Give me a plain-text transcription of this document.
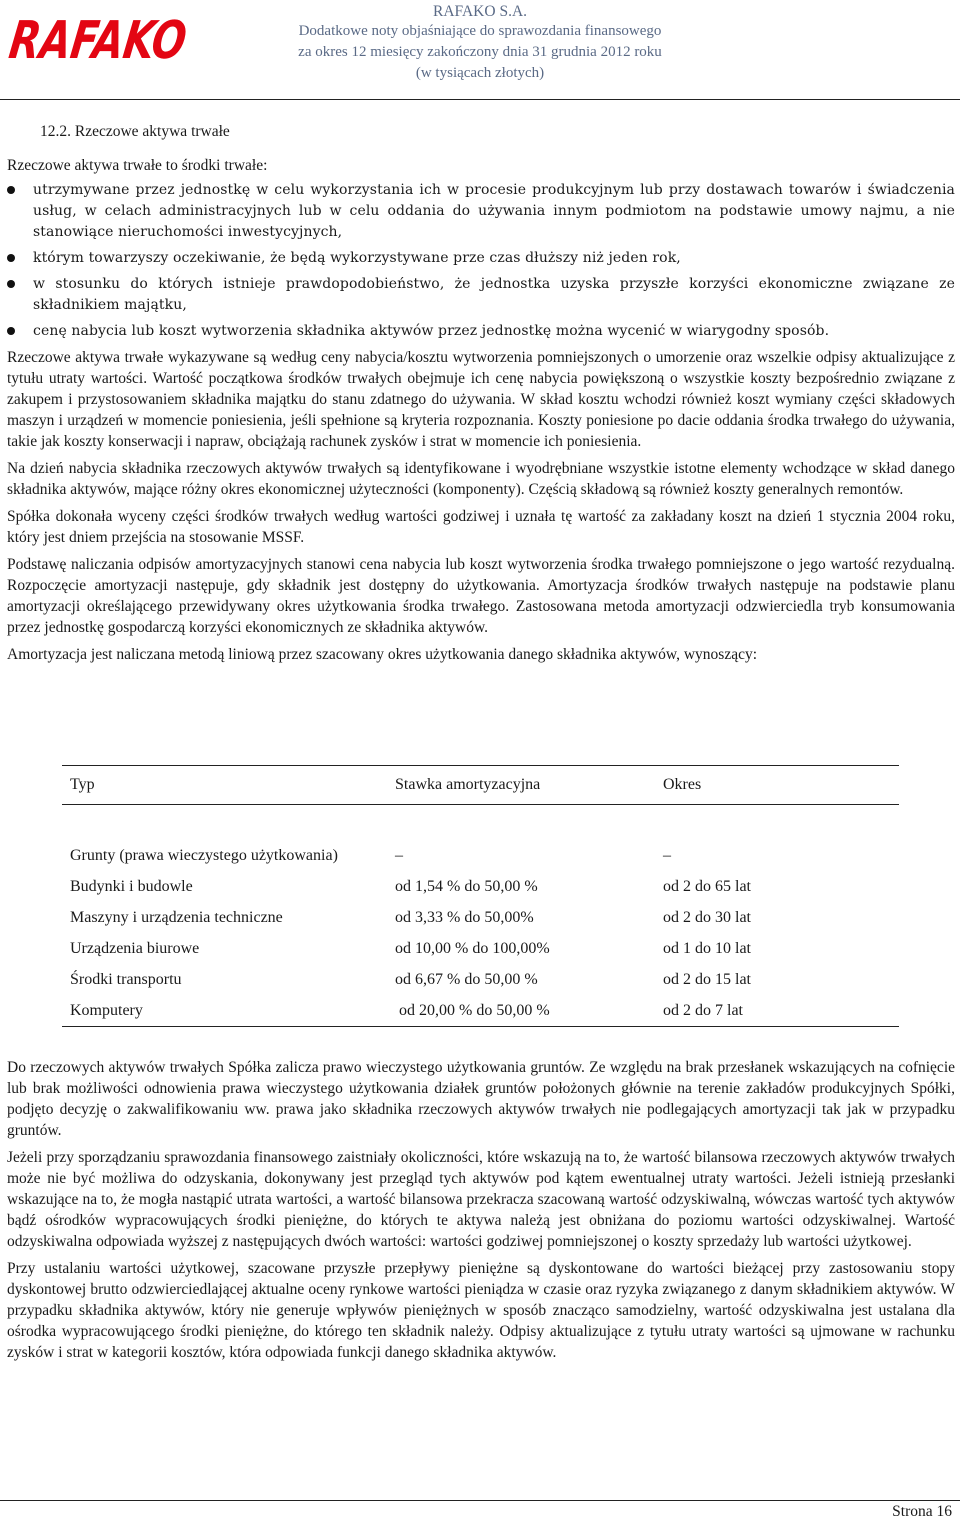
RAFAKO	RAFAKO S.A.
Dodatkowe noty objaśniające do sprawozdania finansowego
za okres 12 miesięcy zakończony dnia 31 grudnia 2012 roku
(w tysiącach złotych)
12.2. Rzeczowe aktywa trwałe
Rzeczowe aktywa trwałe to środki trwałe:
utrzymywane przez jednostkę w celu wykorzystania ich w procesie produkcyjnym lub przy dostawach towarów i świadczenia usług, w celach administracyjnych lub w celu oddania do używania innym podmiotom na podstawie umowy najmu, a nie stanowiące nieruchomości inwestycyjnych,
którym towarzyszy oczekiwanie, że będą wykorzystywane prze czas dłuższy niż jeden rok,
w stosunku do których istnieje prawdopodobieństwo, że jednostka uzyska przyszłe korzyści ekonomiczne związane ze składnikiem majątku,
cenę nabycia lub koszt wytworzenia składnika aktywów przez jednostkę można wycenić w wiarygodny sposób.
Rzeczowe aktywa trwałe wykazywane są według ceny nabycia/kosztu wytworzenia pomniejszonych o umorzenie oraz wszelkie odpisy aktualizujące z tytułu utraty wartości. Wartość początkowa środków trwałych obejmuje ich cenę nabycia powiększoną o wszystkie koszty bezpośrednio związane z zakupem i przystosowaniem składnika majątku do stanu zdatnego do używania. W skład kosztu wchodzi również koszt wymiany części składowych maszyn i urządzeń w momencie poniesienia, jeśli spełnione są kryteria rozpoznania. Koszty poniesione po dacie oddania środka trwałego do używania, takie jak koszty konserwacji i napraw, obciążają rachunek zysków i strat w momencie ich poniesienia.
Na dzień nabycia składnika rzeczowych aktywów trwałych są identyfikowane i wyodrębniane wszystkie istotne elementy wchodzące w skład danego składnika aktywów, mające różny okres ekonomicznej użyteczności (komponenty). Częścią składową są również koszty generalnych remontów.
Spółka dokonała wyceny części środków trwałych według wartości godziwej i uznała tę wartość za zakładany koszt na dzień 1 stycznia 2004 roku, który jest dniem przejścia na stosowanie MSSF.
Podstawę naliczania odpisów amortyzacyjnych stanowi cena nabycia lub koszt wytworzenia środka trwałego pomniejszone o jego wartość rezydualną. Rozpoczęcie amortyzacji następuje, gdy składnik jest dostępny do użytkowania. Amortyzacja środków trwałych następuje na podstawie planu amortyzacji określającego przewidywany okres użytkowania środka trwałego. Zastosowana metoda amortyzacji odzwierciedla tryb konsumowania przez jednostkę gospodarczą korzyści ekonomicznych ze składnika aktywów.
Amortyzacja jest naliczana metodą liniową przez szacowany okres użytkowania danego składnika aktywów, wynoszący:
Typ	Stawka amortyzacyjna	Okres
Grunty (prawa wieczystego użytkowania)	–	–
Budynki i budowle	od 1,54 % do 50,00 %	od 2 do 65 lat
Maszyny i urządzenia techniczne	od 3,33 % do 50,00%	od 2 do 30 lat
Urządzenia biurowe	od 10,00 % do 100,00%	od 1 do 10 lat
Środki transportu	od 6,67 % do 50,00 %	od 2 do 15 lat
Komputery	od 20,00 % do 50,00 %	od 2 do 7 lat
Do rzeczowych aktywów trwałych Spółka zalicza prawo wieczystego użytkowania gruntów. Ze względu na brak przesłanek wskazujących na cofnięcie lub brak możliwości odnowienia prawa wieczystego użytkowania działek gruntów położonych głównie na terenie zakładów produkcyjnych Spółki, podjęto decyzję o zakwalifikowaniu ww. prawa jako składnika rzeczowych aktywów trwałych nie podlegających amortyzacji tak jak w przypadku gruntów.
Jeżeli przy sporządzaniu sprawozdania finansowego zaistniały okoliczności, które wskazują na to, że wartość bilansowa rzeczowych aktywów trwałych może nie być możliwa do odzyskania, dokonywany jest przegląd tych aktywów pod kątem ewentualnej utraty wartości. Jeżeli istnieją przesłanki wskazujące na to, że mogła nastąpić utrata wartości, a wartość bilansowa przekracza szacowaną wartość odzyskiwalną, wówczas wartość tych aktywów bądź ośrodków wypracowujących środki pieniężne, do których te aktywa należą jest obniżana do poziomu wartości odzyskiwalnej. Wartość odzyskiwalna odpowiada wyższej z następujących dwóch wartości: wartości godziwej pomniejszonej o koszty sprzedaży lub wartości użytkowej.
Przy ustalaniu wartości użytkowej, szacowane przyszłe przepływy pieniężne są dyskontowane do wartości bieżącej przy zastosowaniu stopy dyskontowej brutto odzwierciedlającej aktualne oceny rynkowe wartości pieniądza w czasie oraz ryzyka związanego z danym składnikiem aktywów. W przypadku składnika aktywów, który nie generuje wpływów pieniężnych w sposób znacząco samodzielny, wartość odzyskiwalna jest ustalana dla ośrodka wypracowującego środki pieniężne, do którego ten składnik należy. Odpisy aktualizujące z tytułu utraty wartości są ujmowane w rachunku zysków i strat w kategorii kosztów, która odpowiada funkcji danego składnika aktywów.
Strona 16
